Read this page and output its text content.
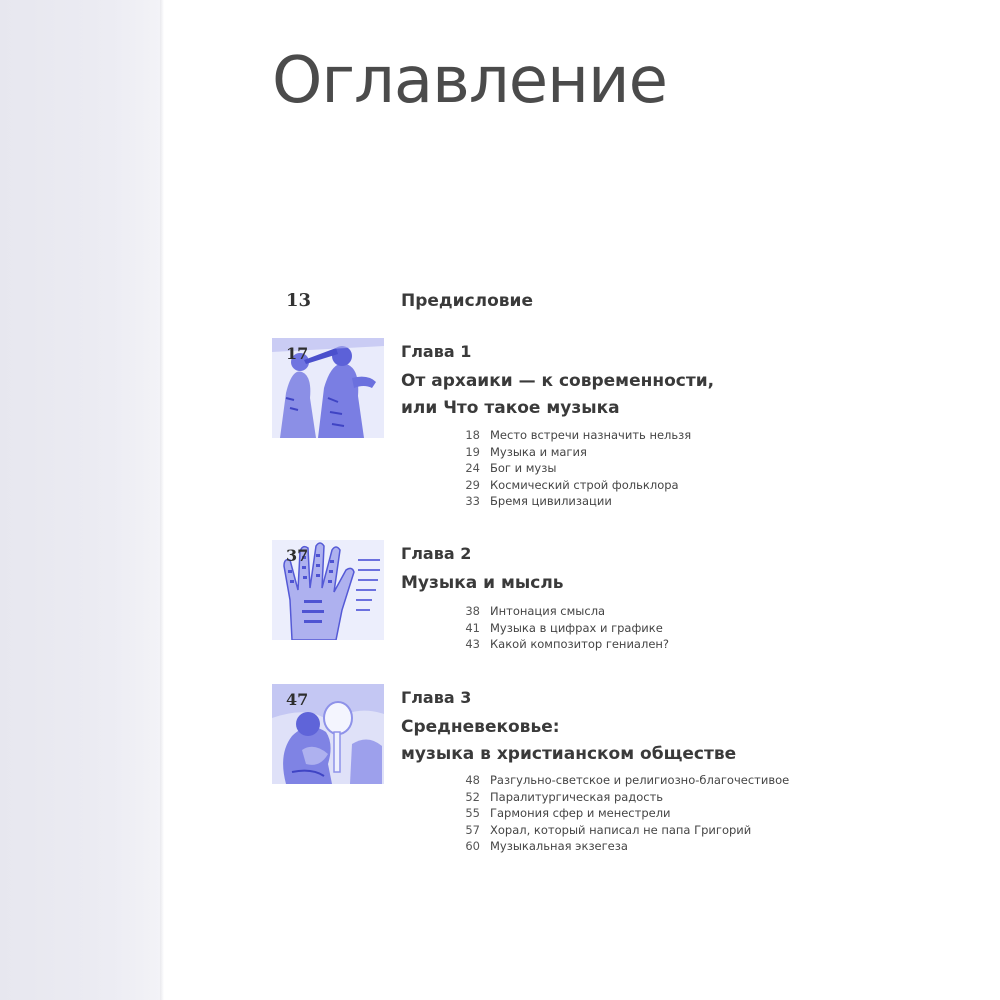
Оглавление
13	Предисловие
17	Глава 1
От архаики — к современности,
или Что такое музыка
18 Место встречи назначить нельзя
19 Музыка и магия
24 Бог и музы
29 Космический строй фольклора
33 Бремя цивилизации
37	Глава 2
Музыка и мысль
38 Интонация смысла
41 Музыка в цифрах и графике
43 Какой композитор гениален?
47	Глава 3
Средневековье:
музыка в христианском обществе
48 Разгульно-светское и религиозно-благочестивое
52 Паралитургическая радость
55 Гармония сфер и менестрели
57 Хорал, который написал не папа Григорий
60 Музыкальная экзегеза
